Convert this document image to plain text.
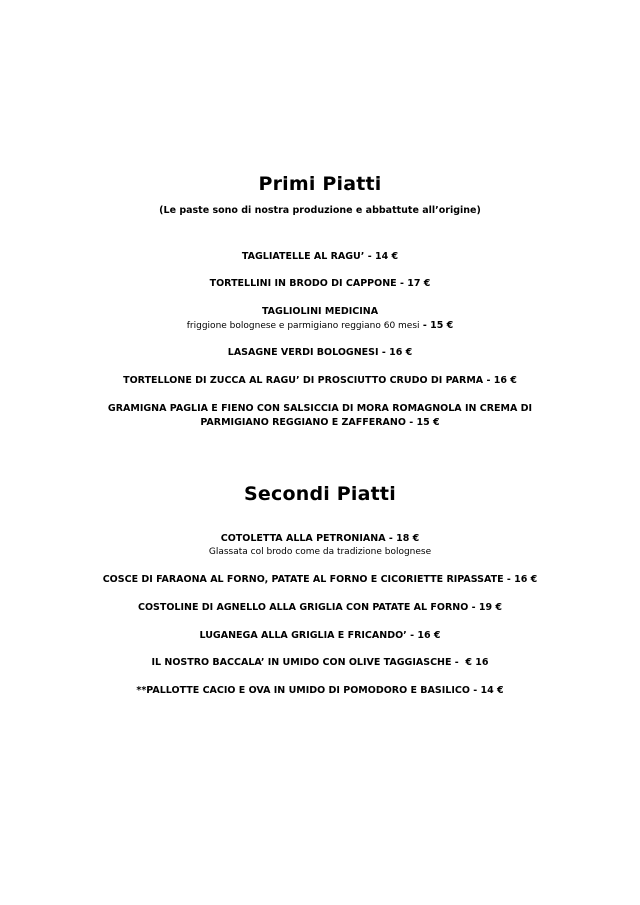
Primi Piatti

(Le paste sono di nostra produzione e abbattute all’origine)

TAGLIATELLE AL RAGU’ - 14 €

TORTELLINI IN BRODO DI CAPPONE - 17 €

TAGLIOLINI MEDICINA
friggione bolognese e parmigiano reggiano 60 mesi - 15 €

LASAGNE VERDI BOLOGNESI - 16 €

TORTELLONE DI ZUCCA AL RAGU’ DI PROSCIUTTO CRUDO DI PARMA - 16 €

GRAMIGNA PAGLIA E FIENO CON SALSICCIA DI MORA ROMAGNOLA IN CREMA DI
PARMIGIANO REGGIANO E ZAFFERANO - 15 €

Secondi Piatti

COTOLETTA ALLA PETRONIANA - 18 €
Glassata col brodo come da tradizione bolognese

COSCE DI FARAONA AL FORNO, PATATE AL FORNO E CICORIETTE RIPASSATE - 16 €

COSTOLINE DI AGNELLO ALLA GRIGLIA CON PATATE AL FORNO - 19 €

LUGANEGA ALLA GRIGLIA E FRICANDO’ - 16 €

IL NOSTRO BACCALA’ IN UMIDO CON OLIVE TAGGIASCHE -  € 16

**PALLOTTE CACIO E OVA IN UMIDO DI POMODORO E BASILICO - 14 €
